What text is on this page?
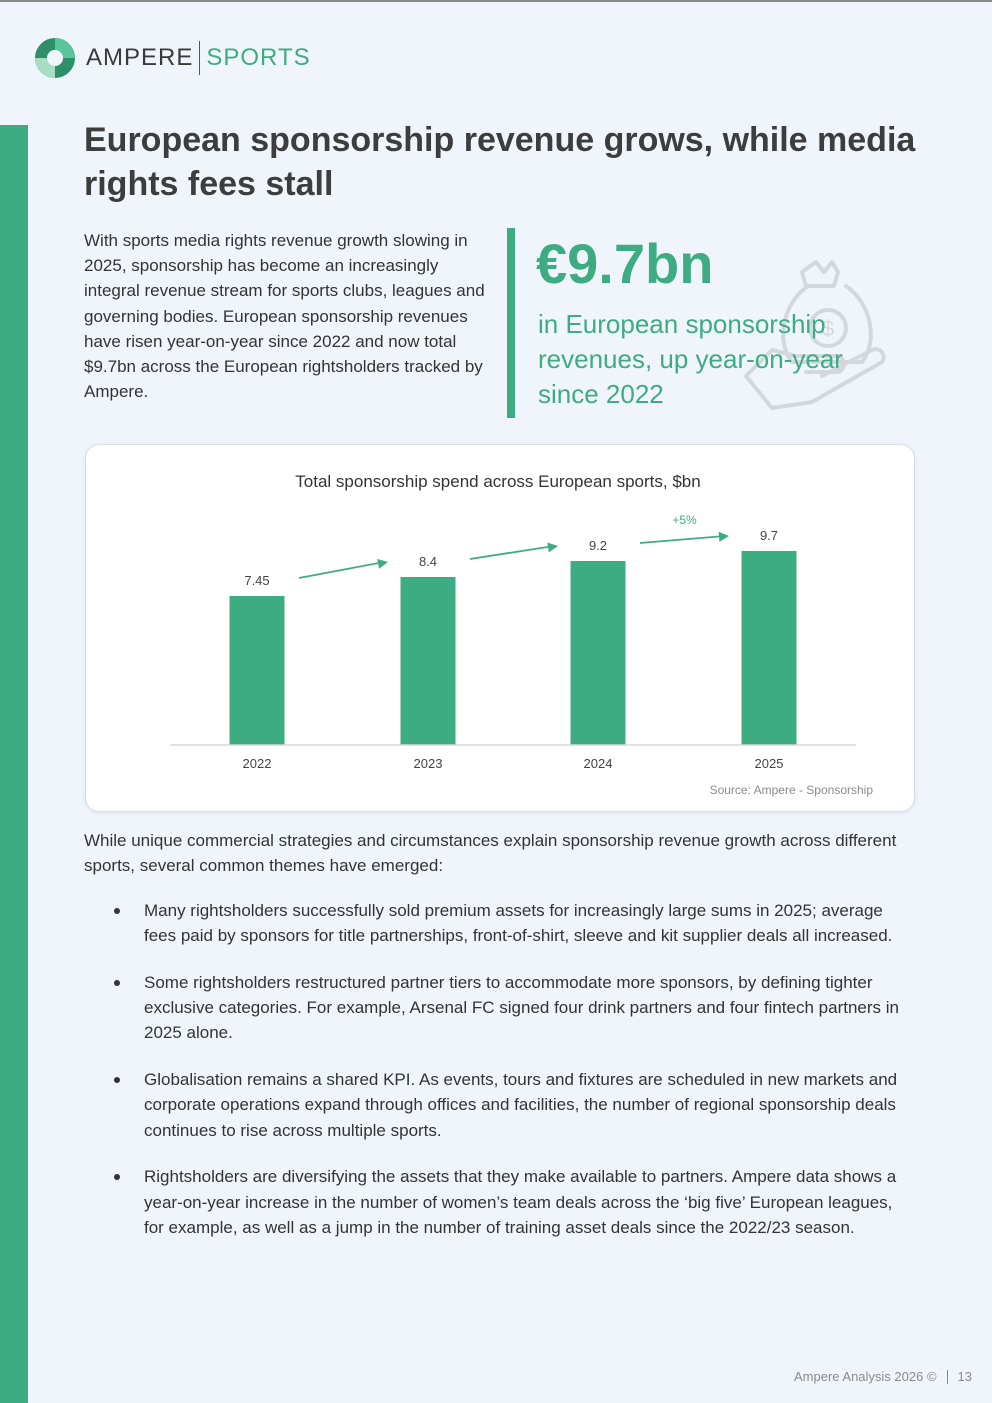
AMPERE SPORTS
European sponsorship revenue grows, while media rights fees stall

With sports media rights revenue growth slowing in 2025, sponsorship has become an increasingly integral revenue stream for sports clubs, leagues and governing bodies. European sponsorship revenues have risen year-on-year since 2022 and now total $9.7bn across the European rightsholders tracked by Ampere.

$

€9.7bn

in European sponsorship revenues, up year-on-year since 2022

Total sponsorship spend across European sports, $bn
7.45
2022
8.4
2023
9.2
2024
9.7
2025
+5%
Source: Ampere - Sponsorship

While unique commercial strategies and circumstances explain sponsorship revenue growth across different sports, several common themes have emerged:

Many rightsholders successfully sold premium assets for increasingly large sums in 2025; average fees paid by sponsors for title partnerships, front-of-shirt, sleeve and kit supplier deals all increased.
Some rightsholders restructured partner tiers to accommodate more sponsors, by defining tighter exclusive categories. For example, Arsenal FC signed four drink partners and four fintech partners in 2025 alone.
Globalisation remains a shared KPI. As events, tours and fixtures are scheduled in new markets and corporate operations expand through offices and facilities, the number of regional sponsorship deals continues to rise across multiple sports.
Rightsholders are diversifying the assets that they make available to partners. Ampere data shows a year-on-year increase in the number of women’s team deals across the ‘big five’ European leagues, for example, as well as a jump in the number of training asset deals since the 2022/23 season.
Ampere Analysis 2026 © 13
